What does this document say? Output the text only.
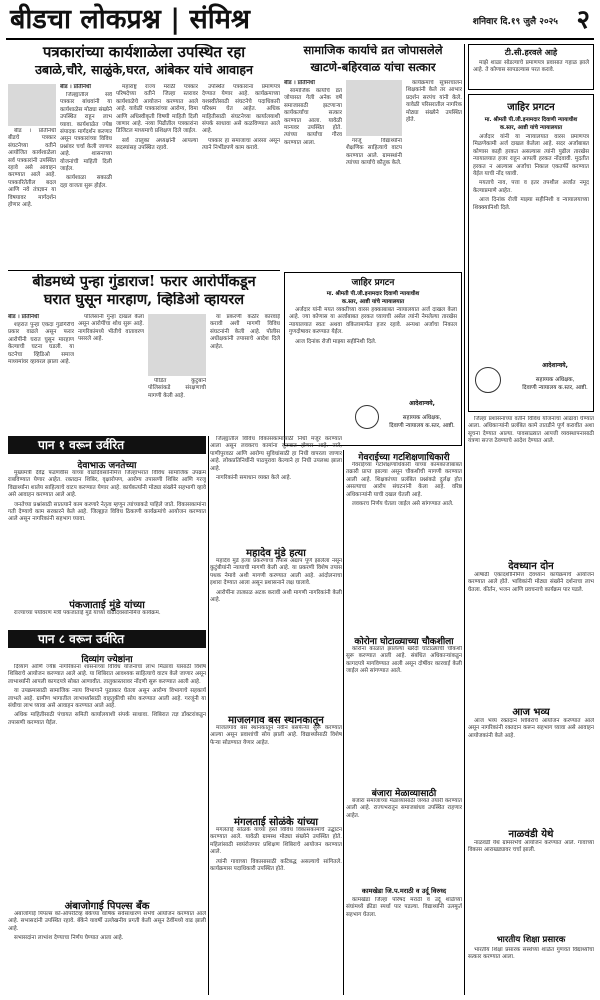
बीडचा लोकप्रश्न | संमिश्र	शनिवार दि.१९ जुलै २०२५ २
पत्रकारांच्या कार्यशाळेला उपस्थित रहा
उबाळे,चौरे, साळुंके,घरत, आंबेकर यांचे आवाहन

बीड । प्रतिनिधी बीडचे पत्रकार संघटनेच्या वतीने आयोजित कार्यशाळेला सर्व पत्रकारांनी उपस्थित रहावे असे आवाहन करण्यात आले आहे. पत्रकारितेतील बदल आणि नवे तंत्रज्ञान या विषयावर मार्गदर्शन होणार आहे.

बीड । प्रतिनिधी

जिल्ह्यातील सर्व पत्रकार बांधवांनी या कार्यशाळेस मोठ्या संख्येने उपस्थित राहून लाभ घ्यावा. कार्यशाळेत ज्येष्ठ संपादक मार्गदर्शन करणार असून पत्रकारांच्या विविध प्रश्नांवर चर्चा केली जाणार आहे. शासनाच्या योजनांची माहिती दिली जाईल.

कार्यशाळा सकाळी दहा वाजता सुरू होईल.

महाराष्ट्र राज्य मराठी पत्रकार परिषदेच्या वतीने जिल्हा स्तरावर कार्यशाळेचे आयोजन करण्यात आले आहे. यावेळी पत्रकारांच्या आरोग्य, विमा आणि अधिस्वीकृती विषयी माहिती दिली जाणार आहे. नव्या पिढीतील पत्रकारांना डिजिटल माध्यमाचे प्रशिक्षण दिले जाईल.

सर्व तालुका अध्यक्षांनी आपल्या सदस्यांसह उपस्थित रहावे.

उपस्थित पत्रकारांना प्रमाणपत्र देण्यात येणार आहे. कार्यक्रमाच्या यशस्वीतेसाठी संघटनेचे पदाधिकारी परिश्रम घेत आहेत. अधिक माहितीसाठी संघटनेच्या कार्यालयाशी संपर्क साधावा असे कळविण्यात आले आहे.

पत्रकार हा समाजाचा आरसा असून त्याने निर्भीडपणे काम करावे.

सामाजिक कार्याचे व्रत जोपासलेले
खाटणे-बहिरवाळ यांचा सत्कार
बीड । प्रतिनिधी

सामाजिक कार्याचे व्रत जोपासत गेली अनेक वर्षे समाजासाठी झटणाऱ्या कार्यकर्त्यांचा सत्कार करण्यात आला. यावेळी मान्यवर उपस्थित होते. त्यांच्या कार्याचा गौरव करण्यात आला.	गरजू विद्यार्थ्यांना शैक्षणिक साहित्याचे वाटप करण्यात आले. ग्रामस्थांनी त्यांच्या कार्याचे कौतुक केले.

कार्यक्रमाचे सूत्रसंचालन शिक्षकांनी केले तर आभार प्रदर्शन सरपंच यांनी केले. यावेळी परिसरातील नागरिक मोठ्या संख्येने उपस्थित होते.

टी.सी.हरवले आहे

माझे शाळा सोडल्याचे प्रमाणपत्र प्रवासात गहाळ झाले आहे. ते कोणास सापडल्यास परत करावे.

जाहिर प्रगटन
मा. श्रीमती पी.जी.इनामदार दिवाणी न्यायाधीश
क.स्तर, आष्टी यांचे न्यायालयात

अर्जदार यांनी या न्यायालयात वारस प्रमाणपत्र मिळणेकामी अर्ज दाखल केलेला आहे. सदर अर्जाबाबत कोणास काही हरकत असल्यास त्यांनी पुढील तारखेस न्यायालयात हजर राहून आपली हरकत नोंदवावी. मुदतीत हरकत न आल्यास अर्जाचा निकाल एकतर्फी करण्यात येईल याची नोंद घ्यावी.

मयताचे नाव, पत्ता व इतर तपशील अर्जात नमूद केल्याप्रमाणे आहेत.

आज दिनांक रोजी माझ्या सहीनिशी व न्यायालयाच्या शिक्क्यानिशी दिले.

आदेशान्वये,
सहाय्यक अधिक्षक,
दिवाणी न्यायालय क.स्तर, आष्टी.
जाहिर प्रगटन
मा. श्रीमती पी.जी.इनामदार दिवाणी न्यायाधीश
क.स्तर, आष्टी यांचे न्यायालयात

अर्जदार यांनी मयत व्यक्तीच्या वारस हक्काबाबत न्यायालयात अर्ज दाखल केला आहे. ज्या कोणास या अर्जाबाबत हरकत घ्यायची असेल त्यांनी नेमलेल्या तारखेस न्यायालयात स्वतः अथवा वकिलामार्फत हजर रहावे. अन्यथा अर्जाचा निकाल गुणदोषावर करण्यात येईल.

आज दिनांक रोजी माझ्या सहीनिशी दिले.

आदेशान्वये,
सहाय्यक अधिक्षक,
दिवाणी न्यायालय क.स्तर, आष्टी.
बीडमध्ये पुन्हा गुंडाराज! फरार आरोपींकडून
घरात घुसून मारहाण, व्हिडिओ व्हायरल
बीड । प्रतिनिधी

शहरात पुन्हा एकदा गुंडगिरीचे प्रकार वाढले असून फरार आरोपींनी घरात घुसून मारहाण केल्याची घटना घडली. या घटनेचा व्हिडिओ समाज माध्यमांवर व्हायरल झाला आहे.

पोलिसांनी गुन्हा दाखल केला असून आरोपींचा शोध सुरू आहे. नागरिकांमध्ये भीतीचे वातावरण पसरले आहे.

पीडित कुटुंबाने पोलिसांकडे संरक्षणाची मागणी केली आहे.

या प्रकरणी कठोर कारवाई करावी अशी मागणी विविध संघटनांनी केली आहे. पोलीस अधीक्षकांनी तपासाचे आदेश दिले आहेत.

पान १ वरून उर्वरित
देवाभाऊ जनतेच्या

मुख्यमंत्री देवेंद्र फडणवीस यांच्या वाढदिवसानिमित्त जिल्हाभरात विविध सामाजिक उपक्रम राबविण्यात येणार आहेत. रक्तदान शिबिर, वृक्षारोपण, आरोग्य तपासणी शिबिर आणि गरजू विद्यार्थ्यांना शालेय साहित्याचे वाटप करण्यात येणार आहे. कार्यकर्त्यांनी मोठ्या संख्येने सहभागी व्हावे असे आवाहन करण्यात आले आहे.

जनतेच्या प्रश्नांसाठी सातत्याने काम करणारे नेतृत्व म्हणून त्यांच्याकडे पाहिले जाते. विकासकामांना गती देण्याचे काम सरकारने केले आहे. जिल्ह्यात विविध ठिकाणी कार्यक्रमांचे आयोजन करण्यात आले असून नागरिकांनी सहभाग घ्यावा.

पंकजाताई मुंडे यांच्या

राज्याच्या पर्यावरण मंत्री पंकजाताई मुंडे यांच्या वाढदिवसानिमित्त कार्यक्रम.

पान ८ वरून उर्वरित
दिव्यांग ज्येष्ठांना

दिव्यांग आणि ज्येष्ठ नागरिकांना शासनाच्या विविध योजनांचा लाभ मिळावा यासाठी विशेष शिबिराचे आयोजन करण्यात आले आहे. या शिबिरात आवश्यक साहित्याचे वाटप केले जाणार असून लाभार्थ्यांनी आपली कागदपत्रे सोबत आणावीत. तालुकास्तरावर नोंदणी सुरू करण्यात आली आहे.

या उपक्रमासाठी सामाजिक न्याय विभागाने पुढाकार घेतला असून आरोग्य विभागाचे सहकार्य लाभले आहे. ग्रामीण भागातील लाभार्थ्यांसाठी वाहतुकीची सोय करण्यात आली आहे. गरजूंनी या संधीचा लाभ घ्यावा असे आवाहन करण्यात आले आहे.

अधिक माहितीसाठी पंचायत समिती कार्यालयाशी संपर्क साधावा. शिबिरात तज्ञ डॉक्टरांकडून तपासणी करण्यात येईल.

अंबाजोगाई पिपल्स बँक

अंबाजोगाई पिपल्स को-ऑपरेटिव्ह बँकेच्या वार्षिक सर्वसाधारण सभेचे आयोजन करण्यात आले आहे. सभासदांनी उपस्थित रहावे. बँकेने यावर्षी उल्लेखनीय प्रगती केली असून ठेवींमध्ये वाढ झाली आहे.

सभासदांना लाभांश देण्याचा निर्णय घेण्यात आला आहे.

जिल्ह्यातील विविध विकासकामांसाठी निधी मंजूर करण्यात आला असून लवकरच कामांना सुरुवात होणार आहे. रस्ते, पाणीपुरवठा आणि आरोग्य सुविधांसाठी हा निधी वापरला जाणार आहे. लोकप्रतिनिधींनी पाठपुरावा केल्याने हा निधी उपलब्ध झाला आहे.

नागरिकांनी समाधान व्यक्त केले आहे.

महादेव मुंडे हत्या

महादेव मुंडे हत्या प्रकरणाचा तपास अद्याप पूर्ण झालेला नसून कुटुंबीयांनी न्यायाची मागणी केली आहे. या प्रकरणी विशेष तपास पथक नेमावे अशी मागणी करण्यात आली आहे. आंदोलनाचा इशारा देण्यात आला असून प्रशासनाने लक्ष घालावे.

आरोपींना तात्काळ अटक करावी अशी मागणी नागरिकांनी केली आहे.

माजलगाव बस स्थानकातून

माजलगाव बस स्थानकातून नवीन बसफेऱ्या सुरू करण्यात आल्या असून प्रवाशांची सोय झाली आहे. विद्यार्थ्यांसाठी विशेष फेऱ्या सोडण्यात येणार आहेत.

मंगलताई सोळंके यांच्या

मंगलताई सोळंके यांच्या हस्ते विविध विकासकामांचे उद्घाटन करण्यात आले. यावेळी ग्रामस्थ मोठ्या संख्येने उपस्थित होते. महिलांसाठी स्वयंरोजगार प्रशिक्षण शिबिराचे आयोजन करण्यात आले.

त्यांनी गावाच्या विकासासाठी कटिबद्ध असल्याचे सांगितले. कार्यक्रमास पदाधिकारी उपस्थित होते.

गेवराईच्या गटशिक्षणाधिकारी

गेवराईच्या गटशिक्षणाधिकारी यांच्या कामकाजाबाबत तक्रारी प्राप्त झाल्या असून चौकशीची मागणी करण्यात आली आहे. शिक्षकांच्या प्रलंबित प्रश्नांकडे दुर्लक्ष होत असल्याचा आरोप संघटनांनी केला आहे. वरिष्ठ अधिकाऱ्यांनी याची दखल घेतली आहे.

लवकरच निर्णय घेतला जाईल असे सांगण्यात आले.

कोरोना घोटाळ्याच्या चौकशीला

कोरोना काळात झालेल्या खरेदी घोटाळ्याची चौकशी सुरू करण्यात आली आहे. संबंधित अधिकाऱ्यांकडून कागदपत्रे मागविण्यात आली असून दोषींवर कारवाई केली जाईल असे सांगण्यात आले.

बंजारा मेळाव्यासाठी

बंजारा समाजाच्या मेळाव्यासाठी जय्यत तयारी करण्यात आली आहे. राज्यभरातून समाजबांधव उपस्थित राहणार आहेत.

कामखेडा जि.प.मराठी व उर्दू विरुध्द

कामखेडा जिल्हा परिषद मराठी व उर्दू शाळेच्या संघांमध्ये क्रीडा स्पर्धा पार पडल्या. विद्यार्थ्यांनी उत्स्फूर्त सहभाग घेतला.

जिल्हा प्रशासनाच्या वतीने विविध योजनांचा आढावा घेण्यात आला. अधिकाऱ्यांनी प्रलंबित कामे तातडीने पूर्ण करावीत अशा सूचना देण्यात आल्या. पावसाळ्यात आपत्ती व्यवस्थापनासाठी यंत्रणा सज्ज ठेवण्याचे आदेश देण्यात आले.

देवध्यान दोन

आषाढी एकादशीनिमित्त देवध्यान कार्यक्रमाचे आयोजन करण्यात आले होते. भाविकांनी मोठ्या संख्येने दर्शनाचा लाभ घेतला. कीर्तन, भजन आणि प्रवचनाचे कार्यक्रम पार पडले.

आज भव्य

आज भव्य रक्तदान शिबिराचे आयोजन करण्यात आले असून नागरिकांनी रक्तदान करून सहभाग घ्यावा असे आवाहन आयोजकांनी केले आहे.

नाळवंडी येथे

नाळवंडी येथे ग्रामसभेचे आयोजन करण्यात आले. गावाच्या विकास आराखड्यावर चर्चा झाली.

भारतीय शिक्षा प्रसारक

भारतीय शिक्षा प्रसारक संस्थेच्या शाळेत गुणवंत विद्यार्थ्यांचा सत्कार करण्यात आला.
